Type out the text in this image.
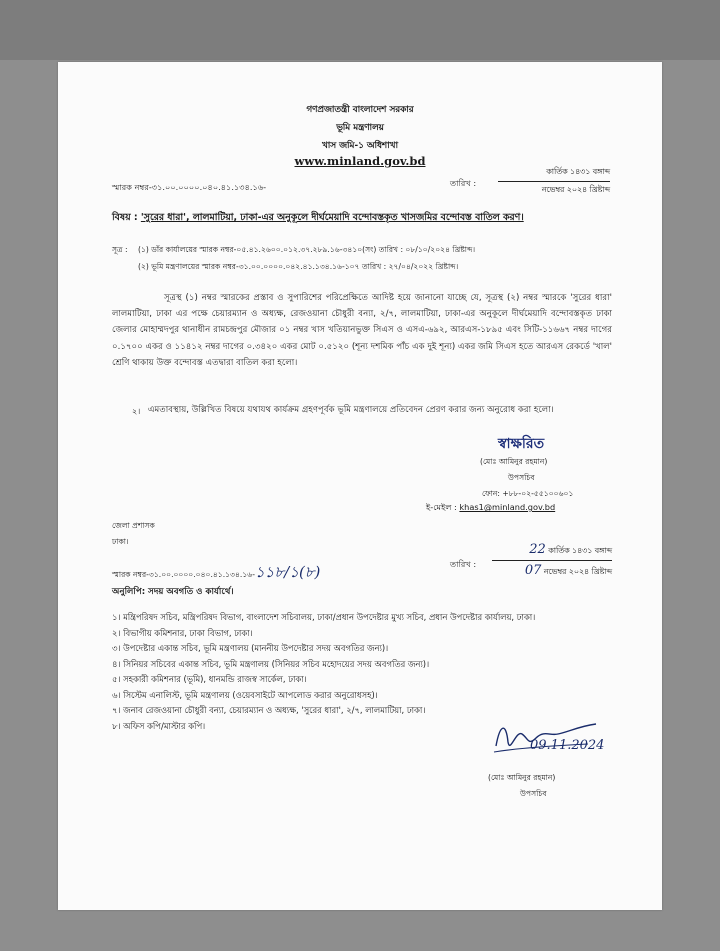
গণপ্রজাতন্ত্রী বাংলাদেশ সরকার
ভূমি মন্ত্রণালয়
খাস জমি-১ অধিশাখা
www.minland.gov.bd
স্মারক নম্বর-৩১.০০.০০০০.০৪০.৪১.১৩৪.১৬-	তারিখ :
কার্তিক ১৪৩১ বঙ্গাব্দ
নভেম্বর ২০২৪ খ্রিষ্টাব্দ
বিষয় : 'সুরের ধারা', লালমাটিয়া, ঢাকা-এর অনুকূলে দীর্ঘমেয়াদি বন্দোবস্তকৃত খাসজমির বন্দোবস্ত বাতিল করণ।
সূত্র : (১) ডাঁর কার্যালয়ের স্মারক নম্বর-০৫.৪১.২৬০০.০১২.৩৭.২৮৯.১৬-৩৪১০(সং) তারিখ : ০৮/১০/২০২৪ খ্রিষ্টাব্দ।
(২) ভূমি মন্ত্রণালয়ের স্মারক নম্বর-৩১.০০.০০০০.০৪২.৪১.১৩৪.১৬-১০৭ তারিখ : ২৭/০৪/২০২২ খ্রিষ্টাব্দ।
সূত্রস্থ (১) নম্বর স্মারকের প্রস্তাব ও সুপারিশের পরিপ্রেক্ষিতে আদিষ্ট হয়ে জানানো যাচ্ছে যে, সূত্রস্থ (২) নম্বর স্মারকে 'সুরের ধারা' লালমাটিয়া, ঢাকা এর পক্ষে চেয়ারম্যান ও অধ্যক্ষ, রেজওয়ানা চৌধুরী বন্যা, ২/৭, লালমাটিয়া, ঢাকা-এর অনুকূলে দীর্ঘমেয়াদি বন্দোবস্তকৃত ঢাকা জেলার মোহাম্মদপুর থানাধীন রামচন্দ্রপুর মৌজার ০১ নম্বর খাস খতিয়ানভুক্ত সিএস ও এসএ-৬৯২, আরএস-১৮৯৫ এবং সিটি-১১৬৬৭ নম্বর দাগের ০.১৭০০ একর ও ১১৪১২ নম্বর দাগের ০.৩৪২০ একর মোট ০.৫১২০ (শূন্য দশমিক পাঁচ এক দুই শূন্য) একর জমি সিএস হতে আরএস রেকর্ডে 'খাল' শ্রেণি থাকায় উক্ত বন্দোবস্ত এতদ্বারা বাতিল করা হলো।
২। এমতাবস্থায়, উল্লিখিত বিষয়ে যথাযথ কার্যক্রম গ্রহণপূর্বক ভূমি মন্ত্রণালয়ে প্রতিবেদন প্রেরণ করার জন্য অনুরোধ করা হলো।
স্বাক্ষরিত
(মোঃ আমিনুর রহমান)
উপসচিব
ফোন: +৮৮-০২-৫৫১০০৬০১
ই-মেইল : khas1@minland.gov.bd
জেলা প্রশাসক
ঢাকা।
স্মারক নম্বর-৩১.০০.০০০০.০৪০.৪১.১৩৪.১৬-১১৮/১(৮)	তারিখ :
22 কার্তিক ১৪৩১ বঙ্গাব্দ
07 নভেম্বর ২০২৪ খ্রিষ্টাব্দ
অনুলিপি: সদয় অবগতি ও কার্যার্থে।
১। মন্ত্রিপরিষদ সচিব, মন্ত্রিপরিষদ বিভাগ, বাংলাদেশ সচিবালয়, ঢাকা/প্রধান উপদেষ্টার মুখ্য সচিব, প্রধান উপদেষ্টার কার্যালয়, ঢাকা।
২। বিভাগীয় কমিশনার, ঢাকা বিভাগ, ঢাকা।
৩। উপদেষ্টার একান্ত সচিব, ভূমি মন্ত্রণালয় (মাননীয় উপদেষ্টার সদয় অবগতির জন্য)।
৪। সিনিয়র সচিবের একান্ত সচিব, ভূমি মন্ত্রণালয় (সিনিয়র সচিব মহোদয়ের সদয় অবগতির জন্য)।
৫। সহকারী কমিশনার (ভূমি), ধানমন্ডি রাজস্ব সার্কেল, ঢাকা।
৬। সিস্টেম এনালিস্ট, ভূমি মন্ত্রণালয় (ওয়েবসাইটে আপলোড করার অনুরোধসহ)।
৭। জনাব রেজওয়ানা চৌধুরী বন্যা, চেয়ারম্যান ও অধ্যক্ষ, 'সুরের ধারা', ২/৭, লালমাটিয়া, ঢাকা।
৮। অফিস কপি/মাস্টার কপি।
09.11.2024
(মোঃ আমিনুর রহমান)
উপসচিব
